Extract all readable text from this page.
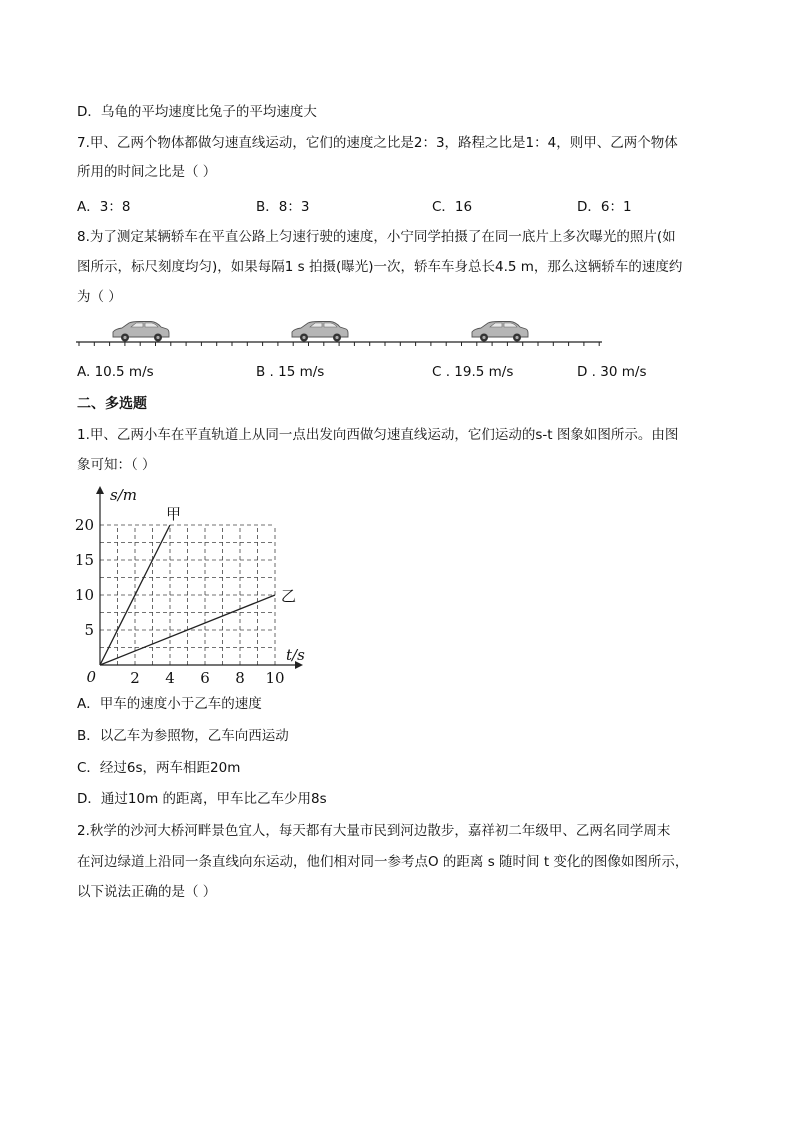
D．乌龟的平均速度比兔子的平均速度大
7.甲、乙两个物体都做匀速直线运动，它们的速度之比是2：3，路程之比是1：4，则甲、乙两个物体
所用的时间之比是（ ）
A．3：8	B．8：3	C．16	D．6：1
8.为了测定某辆轿车在平直公路上匀速行驶的速度，小宁同学拍摄了在同一底片上多次曝光的照片(如
图所示，标尺刻度均匀)，如果每隔1 s 拍摄(曝光)一次，轿车车身总长4.5 m，那么这辆轿车的速度约
为（ ）
A. 10.5 m/s	B . 15 m/s	C . 19.5 m/s	D . 30 m/s
二、多选题
1.甲、乙两小车在平直轨道上从同一点出发向西做匀速直线运动，它们运动的s-t 图象如图所示。由图
象可知：（ ）
甲
乙
2 4 6 8 10
5
10
15
20
0
s/m
t/s
A．甲车的速度小于乙车的速度
B．以乙车为参照物，乙车向西运动
C．经过6s，两车相距20m
D．通过10m 的距离，甲车比乙车少用8s
2.秋学的沙河大桥河畔景色宜人，每天都有大量市民到河边散步，嘉祥初二年级甲、乙两名同学周末
在河边绿道上沿同一条直线向东运动，他们相对同一参考点O 的距离 s 随时间 t 变化的图像如图所示，
以下说法正确的是（ ）
